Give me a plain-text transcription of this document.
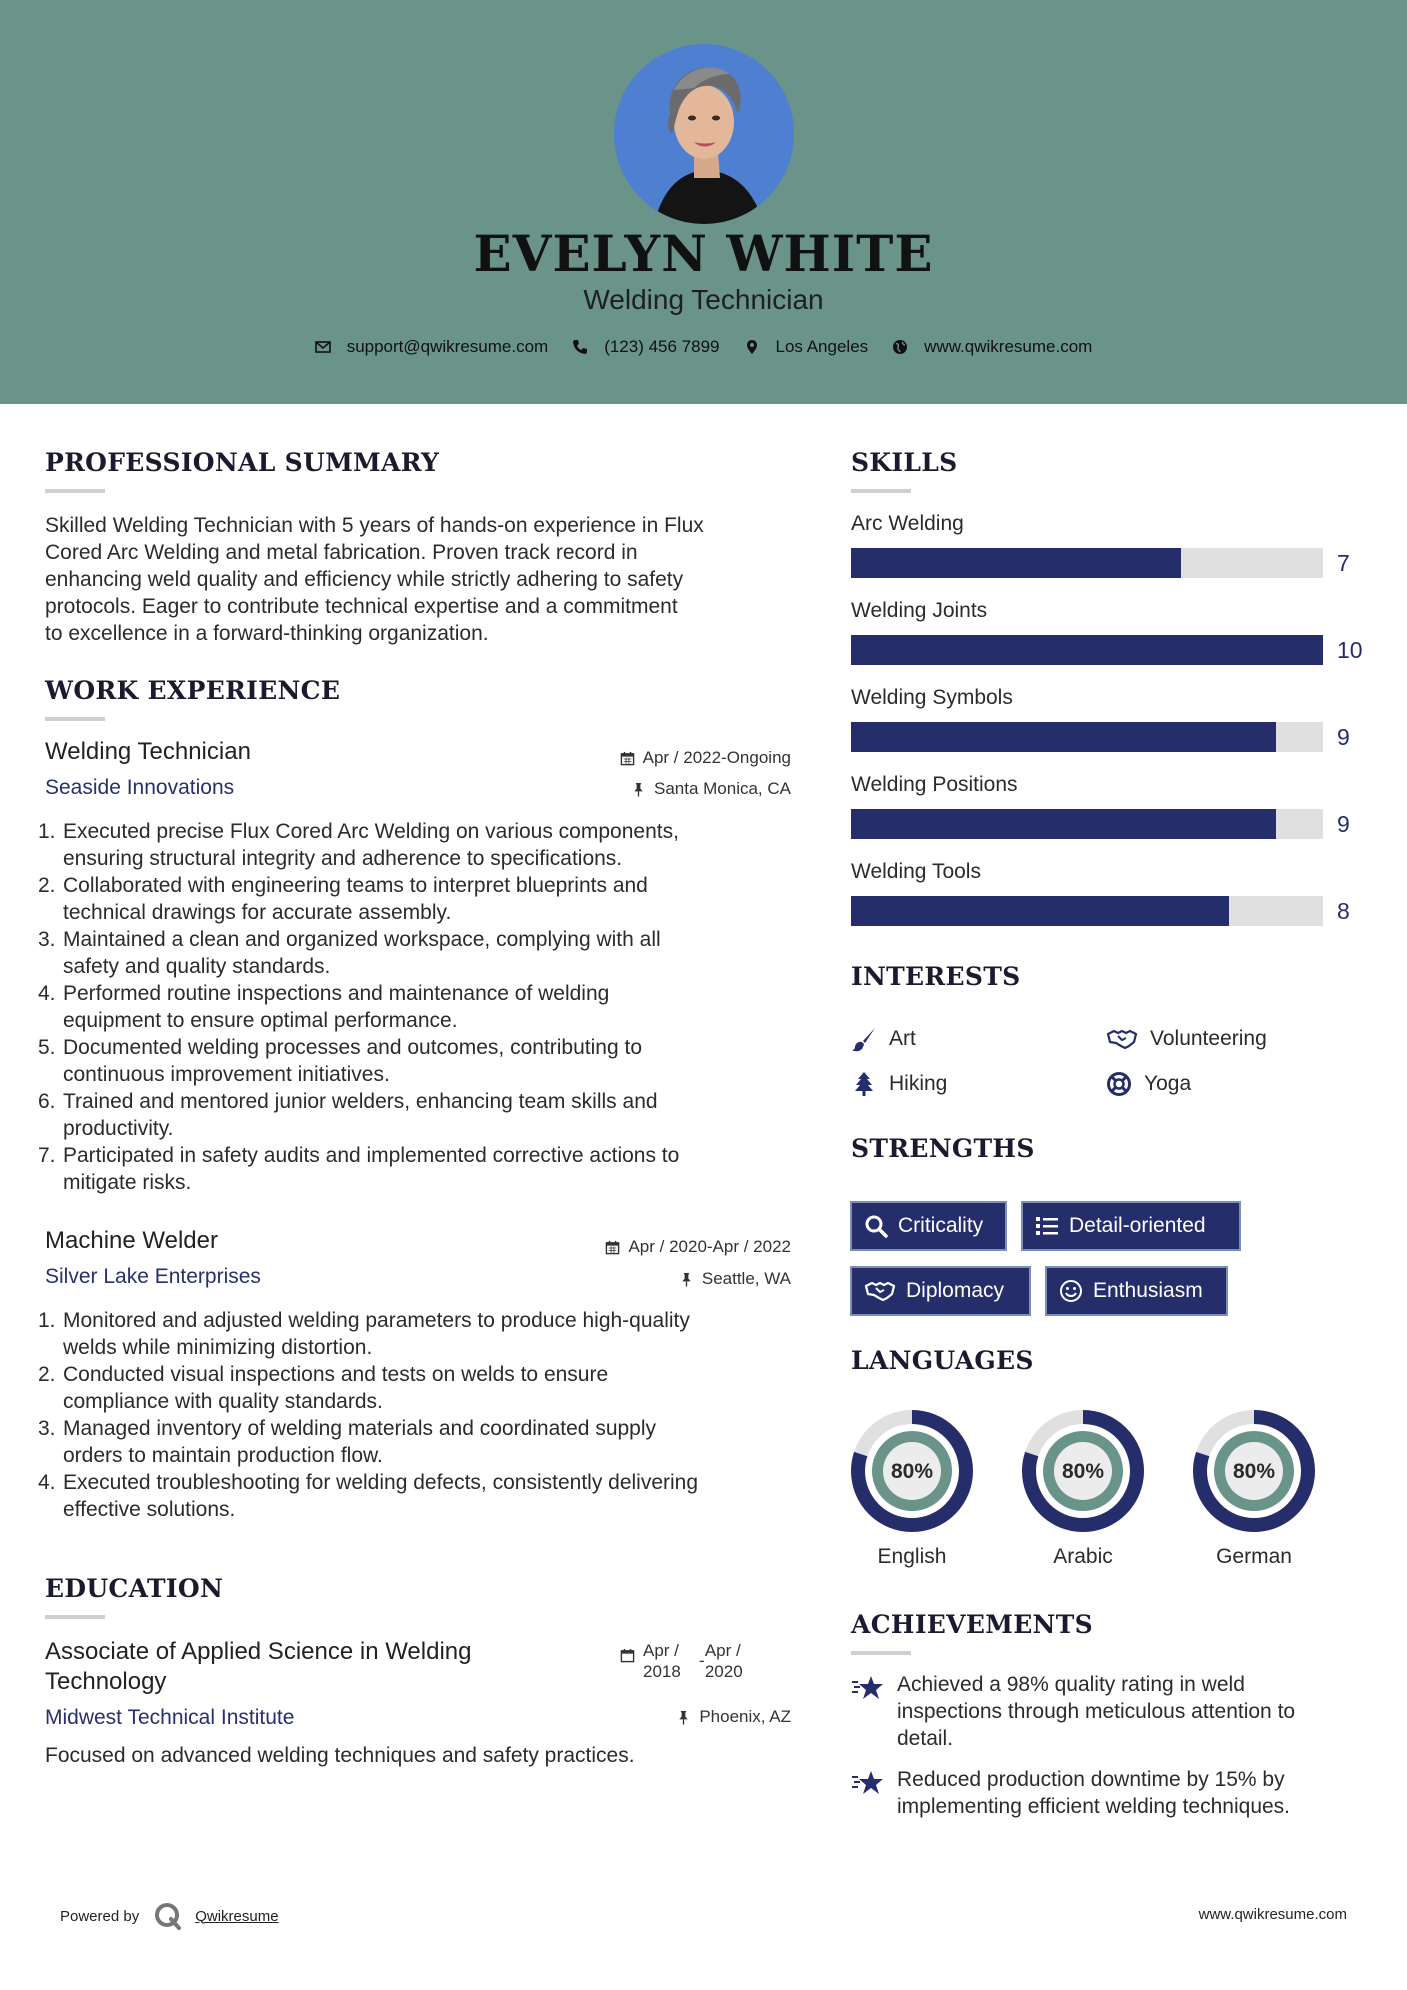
EVELYN WHITE
Welding Technician
support@qwikresume.com	(123) 456 7899	Los Angeles	www.qwikresume.com
PROFESSIONAL SUMMARY
Skilled Welding Technician with 5 years of hands-on experience in Flux
Cored Arc Welding and metal fabrication. Proven track record in
enhancing weld quality and efficiency while strictly adhering to safety
protocols. Eager to contribute technical expertise and a commitment
to excellence in a forward-thinking organization.
WORK EXPERIENCE
Welding Technician	Apr / 2022-Ongoing
Seaside Innovations	Santa Monica, CA
1. Executed precise Flux Cored Arc Welding on various components,
ensuring structural integrity and adherence to specifications.
2. Collaborated with engineering teams to interpret blueprints and
technical drawings for accurate assembly.
3. Maintained a clean and organized workspace, complying with all
safety and quality standards.
4. Performed routine inspections and maintenance of welding
equipment to ensure optimal performance.
5. Documented welding processes and outcomes, contributing to
continuous improvement initiatives.
6. Trained and mentored junior welders, enhancing team skills and
productivity.
7. Participated in safety audits and implemented corrective actions to
mitigate risks.
Machine Welder	Apr / 2020-Apr / 2022
Silver Lake Enterprises	Seattle, WA
1. Monitored and adjusted welding parameters to produce high-quality
welds while minimizing distortion.
2. Conducted visual inspections and tests on welds to ensure
compliance with quality standards.
3. Managed inventory of welding materials and coordinated supply
orders to maintain production flow.
4. Executed troubleshooting for welding defects, consistently delivering
effective solutions.
EDUCATION
Associate of Applied Science in Welding
Technology
Apr /
2018
-
Apr /
2020
Midwest Technical Institute	Phoenix, AZ
Focused on advanced welding techniques and safety practices.
SKILLS
Arc Welding
7
Welding Joints
10
Welding Symbols
9
Welding Positions
9
Welding Tools
8
INTERESTS
Art	Volunteering
Hiking	Yoga
STRENGTHS
Criticality	Detail-oriented
Diplomacy	Enthusiasm
LANGUAGES
80%
English
80%
Arabic
80%
German
ACHIEVEMENTS
Achieved a 98% quality rating in weld
inspections through meticulous attention to
detail.
Reduced production downtime by 15% by
implementing efficient welding techniques.
Powered by	Qwikresume	www.qwikresume.com
